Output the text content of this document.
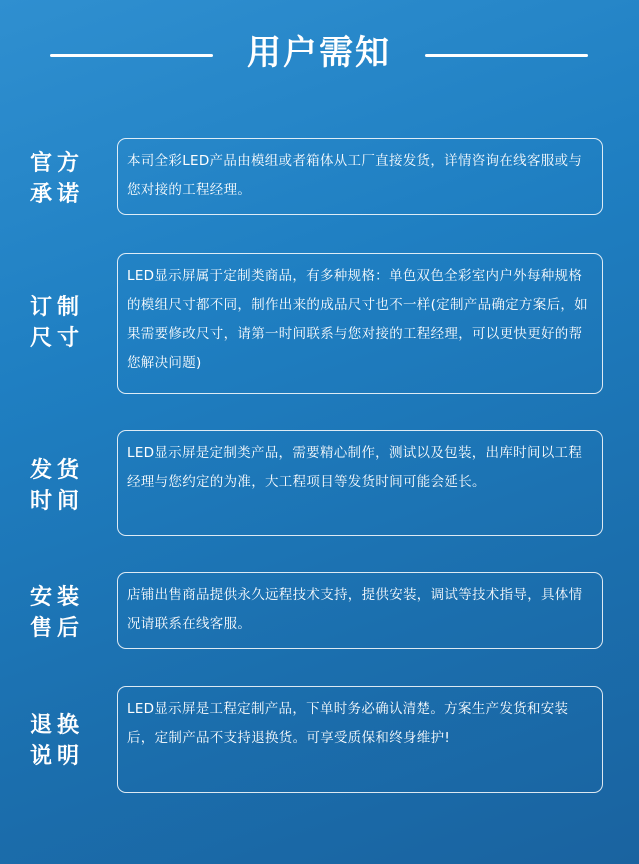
用户需知
官方
承诺
本司全彩LED产品由模组或者箱体从工厂直接发货，详情咨询在线客服或与您对接的工程经理。
订制
尺寸
LED显示屏属于定制类商品，有多种规格：单色双色全彩室内户外每种规格的模组尺寸都不同，制作出来的成品尺寸也不一样(定制产品确定方案后，如果需要修改尺寸，请第一时间联系与您对接的工程经理，可以更快更好的帮您解决问题)
发货
时间
LED显示屏是定制类产品，需要精心制作，测试以及包装，出库时间以工程经理与您约定的为准，大工程项目等发货时间可能会延长。
安装
售后
店铺出售商品提供永久远程技术支持，提供安装，调试等技术指导，具体情况请联系在线客服。
退换
说明
LED显示屏是工程定制产品，下单时务必确认清楚。方案生产发货和安装后，定制产品不支持退换货。可享受质保和终身维护!
